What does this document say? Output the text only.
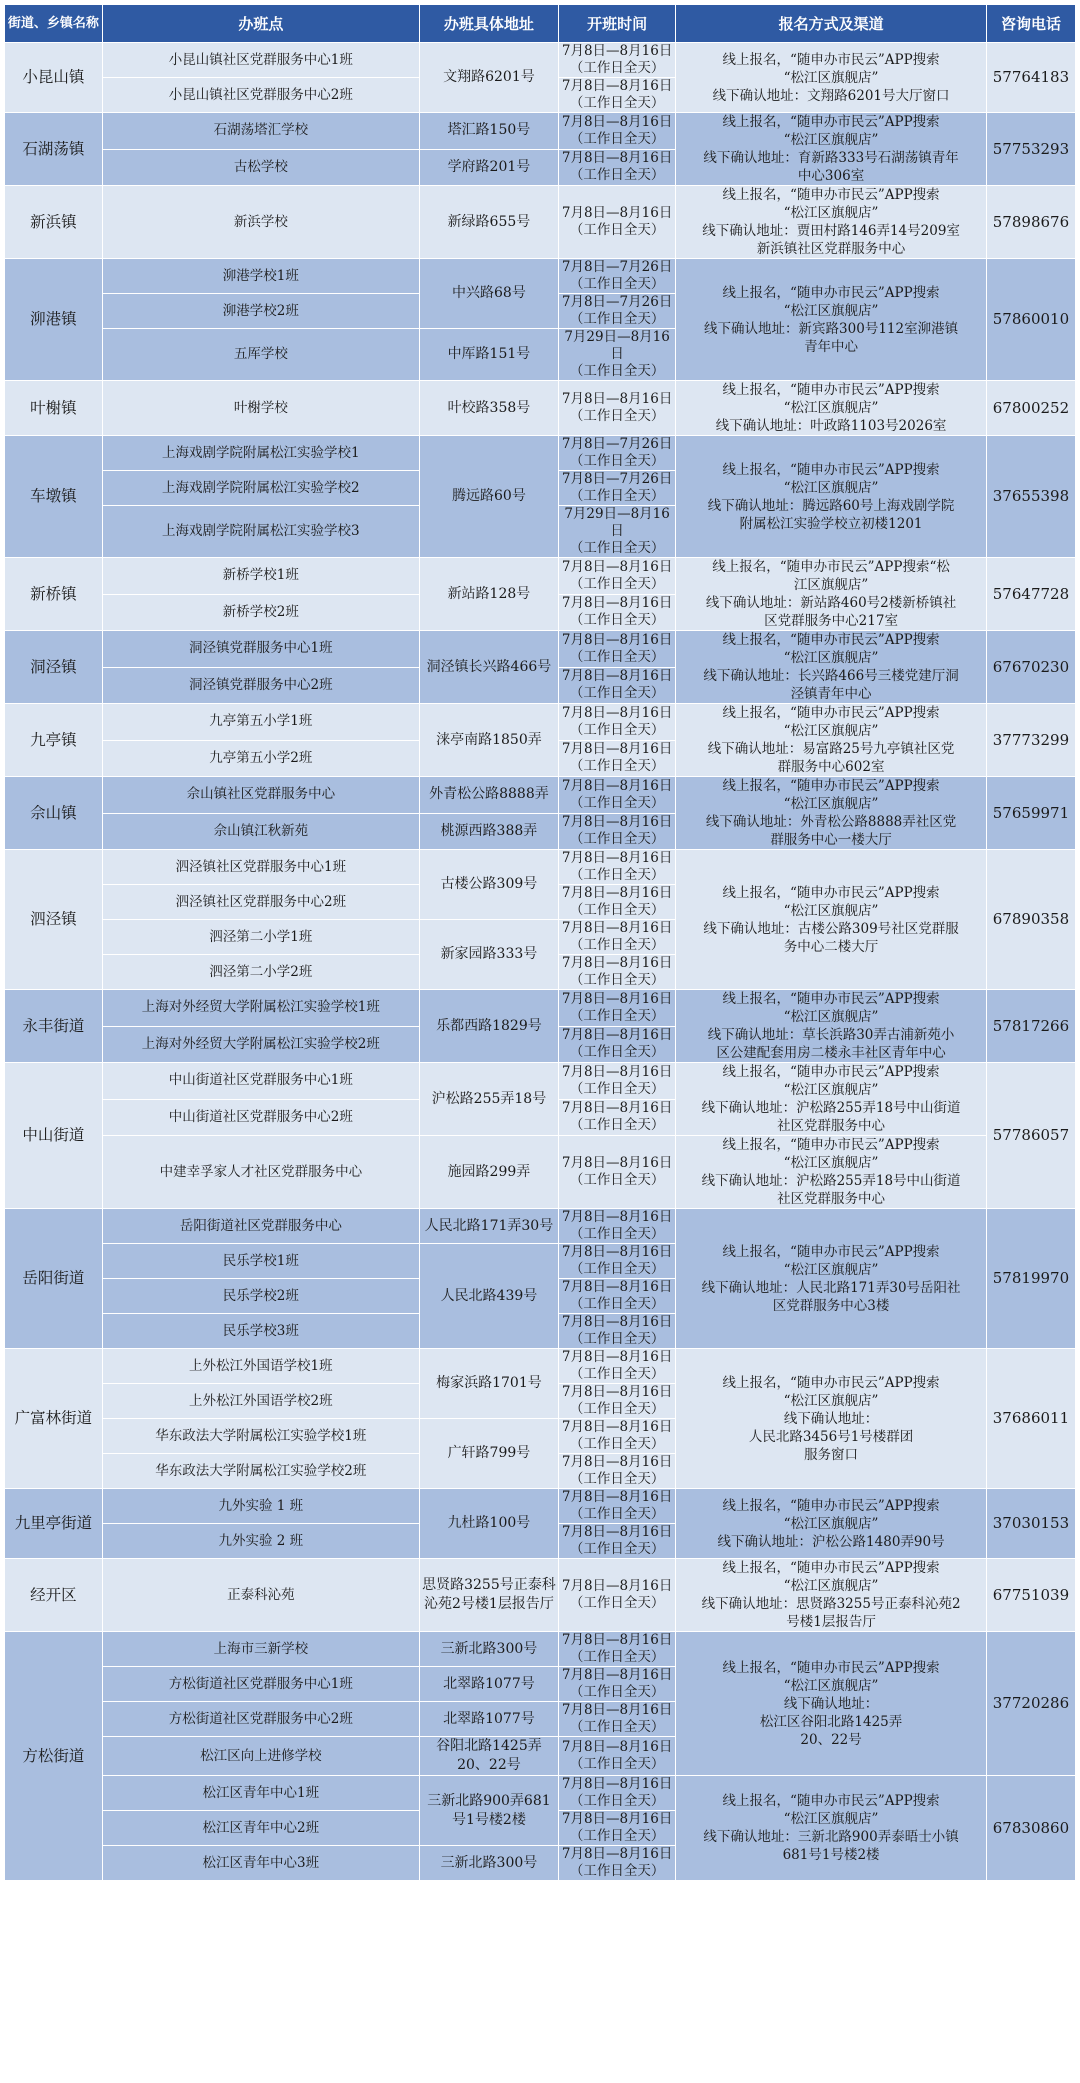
街道、乡镇名称	办班点	办班具体地址	开班时间	报名方式及渠道	咨询电话
小昆山镇	小昆山镇社区党群服务中心1班	文翔路6201号	7月8日—8月16日
（工作日全天）	线上报名，“随申办市民云”APP搜索
“松江区旗舰店”
线下确认地址：文翔路6201号大厅窗口	57764183
	小昆山镇社区党群服务中心2班		7月8日—8月16日
（工作日全天）		

石湖荡镇	石湖荡塔汇学校	塔汇路150号	7月8日—8月16日
（工作日全天）	线上报名，“随申办市民云”APP搜索
“松江区旗舰店”
线下确认地址：育新路333号石湖荡镇青年
中心306室	57753293
	古松学校	学府路201号	7月8日—8月16日
（工作日全天）		

新浜镇	新浜学校	新绿路655号	7月8日—8月16日
（工作日全天）	线上报名，“随申办市民云”APP搜索
“松江区旗舰店”
线下确认地址：贾田村路146弄14号209室
新浜镇社区党群服务中心	57898676
泖港镇	泖港学校1班	中兴路68号	7月8日—7月26日
（工作日全天）	线上报名，“随申办市民云”APP搜索
“松江区旗舰店”
线下确认地址：新宾路300号112室泖港镇
青年中心	57860010
	泖港学校2班		7月8日—7月26日
（工作日全天）		

	五厍学校	中厍路151号	7月29日—8月16日
（工作日全天）		

叶榭镇	叶榭学校	叶校路358号	7月8日—8月16日
（工作日全天）	线上报名，“随申办市民云”APP搜索
“松江区旗舰店”
线下确认地址：叶政路1103号2026室	67800252
车墩镇	上海戏剧学院附属松江实验学校1	腾远路60号	7月8日—7月26日
（工作日全天）	线上报名，“随申办市民云”APP搜索
“松江区旗舰店”
线下确认地址：腾远路60号上海戏剧学院
附属松江实验学校立初楼1201	37655398
	上海戏剧学院附属松江实验学校2		7月8日—7月26日
（工作日全天）		

	上海戏剧学院附属松江实验学校3		7月29日—8月16日
（工作日全天）		

新桥镇	新桥学校1班	新站路128号	7月8日—8月16日
（工作日全天）	线上报名，“随申办市民云”APP搜索“松
江区旗舰店”
线下确认地址：新站路460号2楼新桥镇社
区党群服务中心217室	57647728
	新桥学校2班		7月8日—8月16日
（工作日全天）		

洞泾镇	洞泾镇党群服务中心1班	洞泾镇长兴路466号	7月8日—8月16日
（工作日全天）	线上报名，“随申办市民云”APP搜索
“松江区旗舰店”
线下确认地址：长兴路466号三楼党建厅洞
泾镇青年中心	67670230
	洞泾镇党群服务中心2班		7月8日—8月16日
（工作日全天）		

九亭镇	九亭第五小学1班	涞亭南路1850弄	7月8日—8月16日
（工作日全天）	线上报名，“随申办市民云”APP搜索
“松江区旗舰店”
线下确认地址：易富路25号九亭镇社区党
群服务中心602室	37773299
	九亭第五小学2班		7月8日—8月16日
（工作日全天）		

佘山镇	佘山镇社区党群服务中心	外青松公路8888弄	7月8日—8月16日
（工作日全天）	线上报名，“随申办市民云”APP搜索
“松江区旗舰店”
线下确认地址：外青松公路8888弄社区党
群服务中心一楼大厅	57659971
	佘山镇江秋新苑	桃源西路388弄	7月8日—8月16日
（工作日全天）		

泗泾镇	泗泾镇社区党群服务中心1班	古楼公路309号	7月8日—8月16日
（工作日全天）	线上报名，“随申办市民云”APP搜索
“松江区旗舰店”
线下确认地址：古楼公路309号社区党群服
务中心二楼大厅	67890358
	泗泾镇社区党群服务中心2班		7月8日—8月16日
（工作日全天）		

	泗泾第二小学1班	新家园路333号	7月8日—8月16日
（工作日全天）		

	泗泾第二小学2班		7月8日—8月16日
（工作日全天）		

永丰街道	上海对外经贸大学附属松江实验学校1班	乐都西路1829号	7月8日—8月16日
（工作日全天）	线上报名，“随申办市民云”APP搜索
“松江区旗舰店”
线下确认地址：草长浜路30弄古浦新苑小
区公建配套用房二楼永丰社区青年中心	57817266
	上海对外经贸大学附属松江实验学校2班		7月8日—8月16日
（工作日全天）		

中山街道	中山街道社区党群服务中心1班	沪松路255弄18号	7月8日—8月16日
（工作日全天）	线上报名，“随申办市民云”APP搜索
“松江区旗舰店”
线下确认地址：沪松路255弄18号中山街道
社区党群服务中心	57786057
	中山街道社区党群服务中心2班		7月8日—8月16日
（工作日全天）		

	中建幸孚家人才社区党群服务中心	施园路299弄	7月8日—8月16日
（工作日全天）	线上报名，“随申办市民云”APP搜索
“松江区旗舰店”
线下确认地址：沪松路255弄18号中山街道
社区党群服务中心	

岳阳街道	岳阳街道社区党群服务中心	人民北路171弄30号	7月8日—8月16日
（工作日全天）	线上报名，“随申办市民云”APP搜索
“松江区旗舰店”
线下确认地址：人民北路171弄30号岳阳社
区党群服务中心3楼	57819970
	民乐学校1班	人民北路439号	7月8日—8月16日
（工作日全天）		

	民乐学校2班		7月8日—8月16日
（工作日全天）		

	民乐学校3班		7月8日—8月16日
（工作日全天）		

广富林街道	上外松江外国语学校1班	梅家浜路1701号	7月8日—8月16日
（工作日全天）	线上报名，“随申办市民云”APP搜索
“松江区旗舰店”
线下确认地址：
人民北路3456号1号楼群团
服务窗口	37686011
	上外松江外国语学校2班		7月8日—8月16日
（工作日全天）		

	华东政法大学附属松江实验学校1班	广轩路799号	7月8日—8月16日
（工作日全天）		

	华东政法大学附属松江实验学校2班		7月8日—8月16日
（工作日全天）		

九里亭街道	九外实验 1 班	九杜路100号	7月8日—8月16日
（工作日全天）	线上报名，“随申办市民云”APP搜索
“松江区旗舰店”
线下确认地址：沪松公路1480弄90号	37030153
	九外实验 2 班		7月8日—8月16日
（工作日全天）		

经开区	正泰科沁苑	思贤路3255号正泰科沁苑2号楼1层报告厅	7月8日—8月16日
（工作日全天）	线上报名，“随申办市民云”APP搜索
“松江区旗舰店”
线下确认地址：思贤路3255号正泰科沁苑2
号楼1层报告厅	67751039
方松街道	上海市三新学校	三新北路300号	7月8日—8月16日
（工作日全天）	线上报名，“随申办市民云”APP搜索
“松江区旗舰店”
线下确认地址：
松江区谷阳北路1425弄
20、22号	37720286
	方松街道社区党群服务中心1班	北翠路1077号	7月8日—8月16日
（工作日全天）		

	方松街道社区党群服务中心2班	北翠路1077号	7月8日—8月16日
（工作日全天）		

	松江区向上进修学校	谷阳北路1425弄20、22号	7月8日—8月16日
（工作日全天）		

	松江区青年中心1班	三新北路900弄681号1号楼2楼	7月8日—8月16日
（工作日全天）	线上报名，“随申办市民云”APP搜索
“松江区旗舰店”
线下确认地址：三新北路900弄泰晤士小镇
681号1号楼2楼	67830860
	松江区青年中心2班		7月8日—8月16日
（工作日全天）		

	松江区青年中心3班	三新北路300号	7月8日—8月16日
（工作日全天）		
